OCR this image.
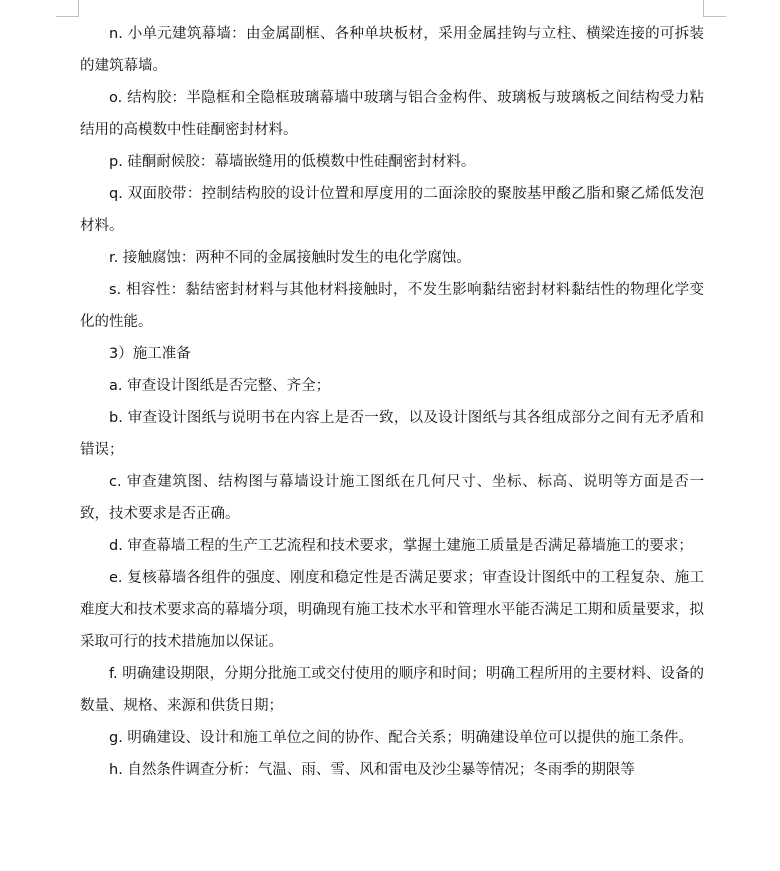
n. 小单元建筑幕墙：由金属副框、各种单块板材，采用金属挂钩与立柱、横梁连接的可拆装的建筑幕墙。

o. 结构胶：半隐框和全隐框玻璃幕墙中玻璃与铝合金构件、玻璃板与玻璃板之间结构受力粘结用的高模数中性硅酮密封材料。

p. 硅酮耐候胶：幕墙嵌缝用的低模数中性硅酮密封材料。

q. 双面胶带：控制结构胶的设计位置和厚度用的二面涂胶的聚胺基甲酸乙脂和聚乙烯低发泡材料。

r. 接触腐蚀：两种不同的金属接触时发生的电化学腐蚀。

s. 相容性：黏结密封材料与其他材料接触时，不发生影响黏结密封材料黏结性的物理化学变化的性能。

3）施工准备

a. 审查设计图纸是否完整、齐全；

b. 审查设计图纸与说明书在内容上是否一致，以及设计图纸与其各组成部分之间有无矛盾和错误；

c. 审查建筑图、结构图与幕墙设计施工图纸在几何尺寸、坐标、标高、说明等方面是否一致，技术要求是否正确。

d. 审查幕墙工程的生产工艺流程和技术要求，掌握土建施工质量是否满足幕墙施工的要求；

e. 复核幕墙各组件的强度、刚度和稳定性是否满足要求；审查设计图纸中的工程复杂、施工难度大和技术要求高的幕墙分项，明确现有施工技术水平和管理水平能否满足工期和质量要求，拟采取可行的技术措施加以保证。

f. 明确建设期限，分期分批施工或交付使用的顺序和时间；明确工程所用的主要材料、设备的数量、规格、来源和供货日期；

g. 明确建设、设计和施工单位之间的协作、配合关系；明确建设单位可以提供的施工条件。

h. 自然条件调查分析：气温、雨、雪、风和雷电及沙尘暴等情况；冬雨季的期限等
